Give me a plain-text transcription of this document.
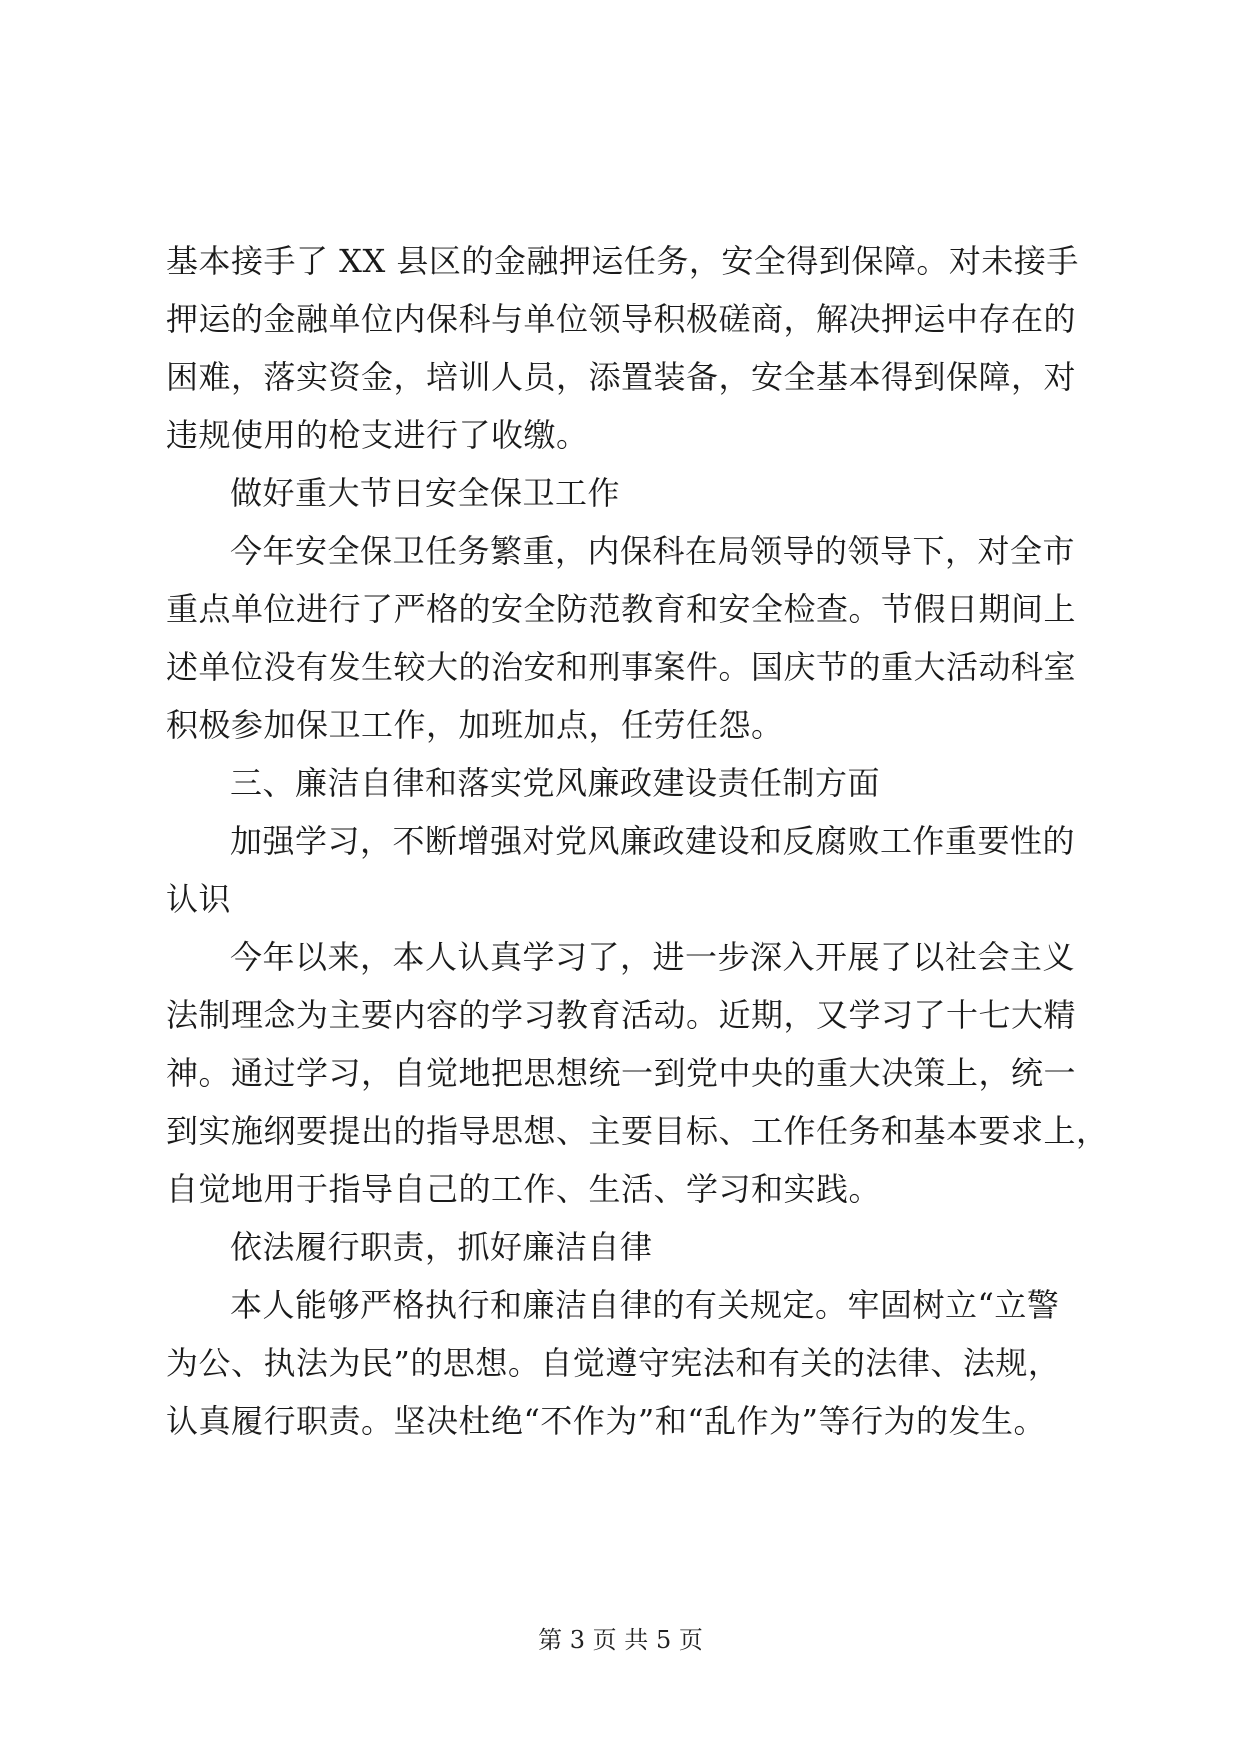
基本接手了 XX 县区的金融押运任务，安全得到保障。对未接手
押运的金融单位内保科与单位领导积极磋商，解决押运中存在的
困难，落实资金，培训人员，添置装备，安全基本得到保障，对
违规使用的枪支进行了收缴。
做好重大节日安全保卫工作
今年安全保卫任务繁重，内保科在局领导的领导下，对全市
重点单位进行了严格的安全防范教育和安全检查。节假日期间上
述单位没有发生较大的治安和刑事案件。国庆节的重大活动科室
积极参加保卫工作，加班加点，任劳任怨。
三、廉洁自律和落实党风廉政建设责任制方面
加强学习，不断增强对党风廉政建设和反腐败工作重要性的
认识
今年以来，本人认真学习了，进一步深入开展了以社会主义
法制理念为主要内容的学习教育活动。近期，又学习了十七大精
神。通过学习，自觉地把思想统一到党中央的重大决策上，统一
到实施纲要提出的指导思想、主要目标、工作任务和基本要求上，
自觉地用于指导自己的工作、生活、学习和实践。
依法履行职责，抓好廉洁自律
本人能够严格执行和廉洁自律的有关规定。牢固树立“立警
为公、执法为民”的思想。自觉遵守宪法和有关的法律、法规，
认真履行职责。坚决杜绝“不作为”和“乱作为”等行为的发生。
第 3 页 共 5 页
